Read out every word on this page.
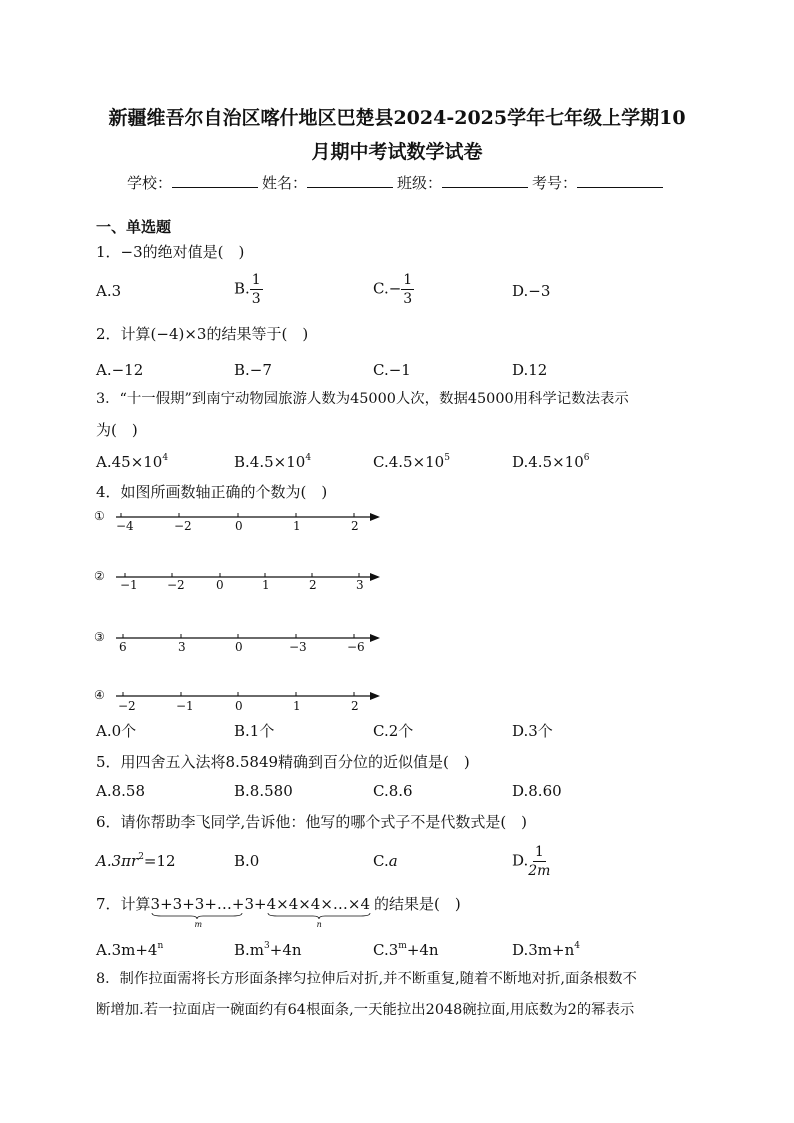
新疆维吾尔自治区喀什地区巴楚县2024-2025学年七年级上学期10
月期中考试数学试卷
学校：	姓名：	班级：	考号：
一、单选题
1．−3的绝对值是(　)
A.3	B. $\frac{1}{3}$	$C.- \frac{1}{3}$	D.−3
2．计算(−4)×3的结果等于(　)
A.−12	B.−7	C.−1	D.12
3．“十一假期”到南宁动物园旅游人数为45000人次，数据45000用科学记数法表示
为(　)
$A.45\times 10^4$	$B.4.5\times 10^4$	$C.4.5\times 10^5$	$D.4.5\times 10^6$
4．如图所画数轴正确的个数为(　)
①
−4	−2	0	1	2
②
−1 −2	0	1	2	3
③
6	3	0	−3	−6
④
−2	−1	0	1	2
A.0个	B.1个	C.2个	D.3个
5．用四舍五入法将8.5849精确到百分位的近似值是(　)
A.8.58	B.8.580	C.8.6	D.8.60
6．请你帮助李飞同学,告诉他：他写的哪个式子不是代数式是(　)
$A.3\pi r^2=12$	B.0	C.a	D. $\frac{1}{2m}$
7．计算3+3+3+…+3
m
+4×4×4×…×4
n
的结果是(　)
$A.3m+4^n$	$B.m^3+4n$	$C.3^m+4n$	$D.3m+n^4$
8．制作拉面需将长方形面条摔匀拉伸后对折,并不断重复,随着不断地对折,面条根数不
断增加.若一拉面店一碗面约有64根面条,一天能拉出2048碗拉面,用底数为2的幂表示
